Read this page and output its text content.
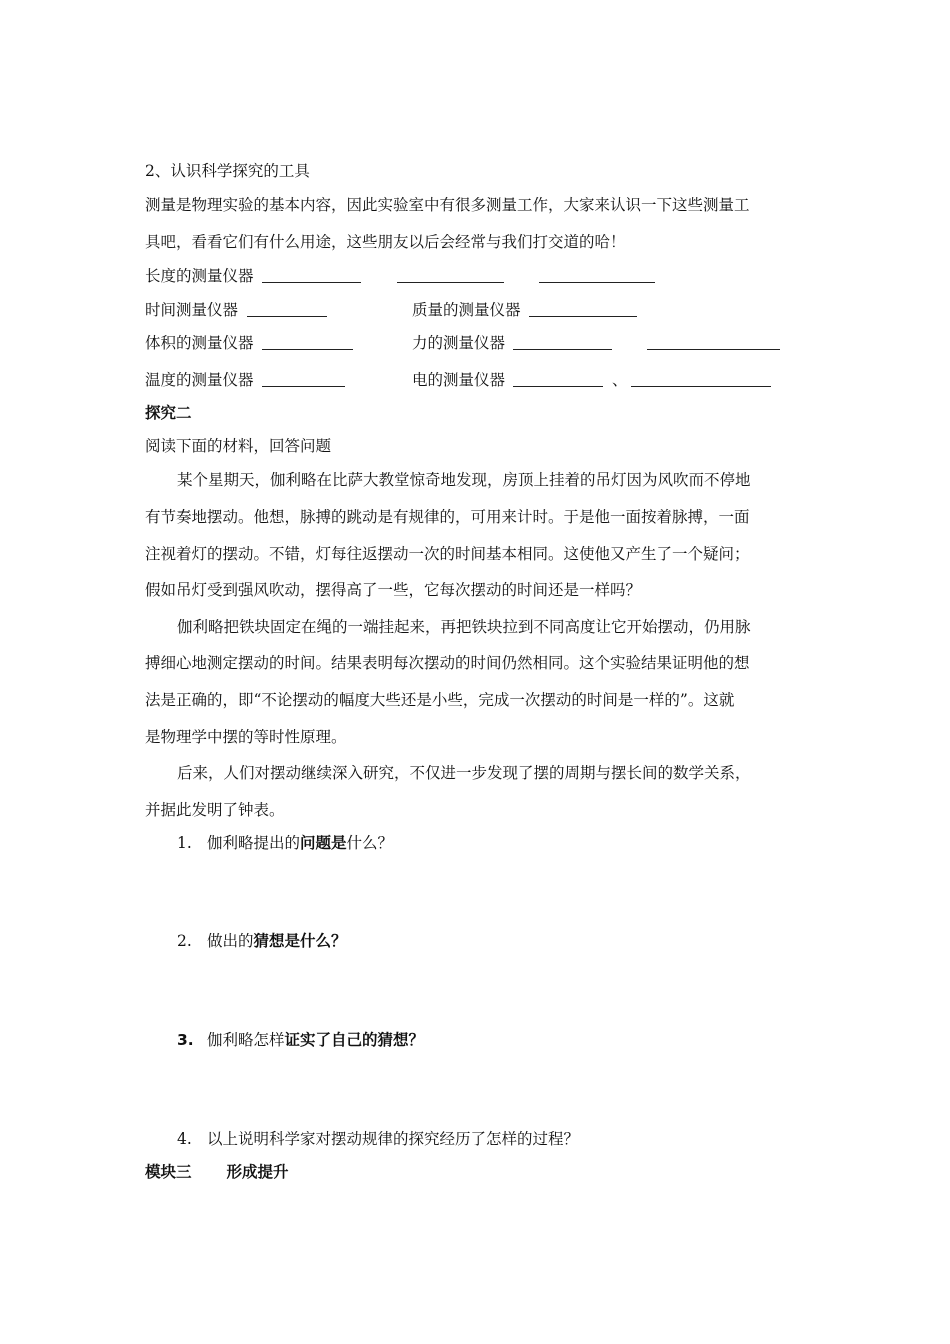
2、认识科学探究的工具
测量是物理实验的基本内容，因此实验室中有很多测量工作，大家来认识一下这些测量工
具吧，看看它们有什么用途，这些朋友以后会经常与我们打交道的哈！
长度的测量仪器
时间测量仪器	质量的测量仪器
体积的测量仪器	力的测量仪器
温度的测量仪器	电的测量仪器	、
探究二
阅读下面的材料，回答问题
某个星期天，伽利略在比萨大教堂惊奇地发现，房顶上挂着的吊灯因为风吹而不停地
有节奏地摆动。他想，脉搏的跳动是有规律的，可用来计时。于是他一面按着脉搏，一面
注视着灯的摆动。不错，灯每往返摆动一次的时间基本相同。这使他又产生了一个疑问；
假如吊灯受到强风吹动，摆得高了一些，它每次摆动的时间还是一样吗？
伽利略把铁块固定在绳的一端挂起来，再把铁块拉到不同高度让它开始摆动，仍用脉
搏细心地测定摆动的时间。结果表明每次摆动的时间仍然相同。这个实验结果证明他的想
法是正确的，即“不论摆动的幅度大些还是小些，完成一次摆动的时间是一样的”。这就
是物理学中摆的等时性原理。
后来，人们对摆动继续深入研究，不仅进一步发现了摆的周期与摆长间的数学关系，
并据此发明了钟表。
1. 伽利略提出的问题是什么？
2. 做出的猜想是什么？
3. 伽利略怎样证实了自己的猜想？
4. 以上说明科学家对摆动规律的探究经历了怎样的过程？
模块三 形成提升
